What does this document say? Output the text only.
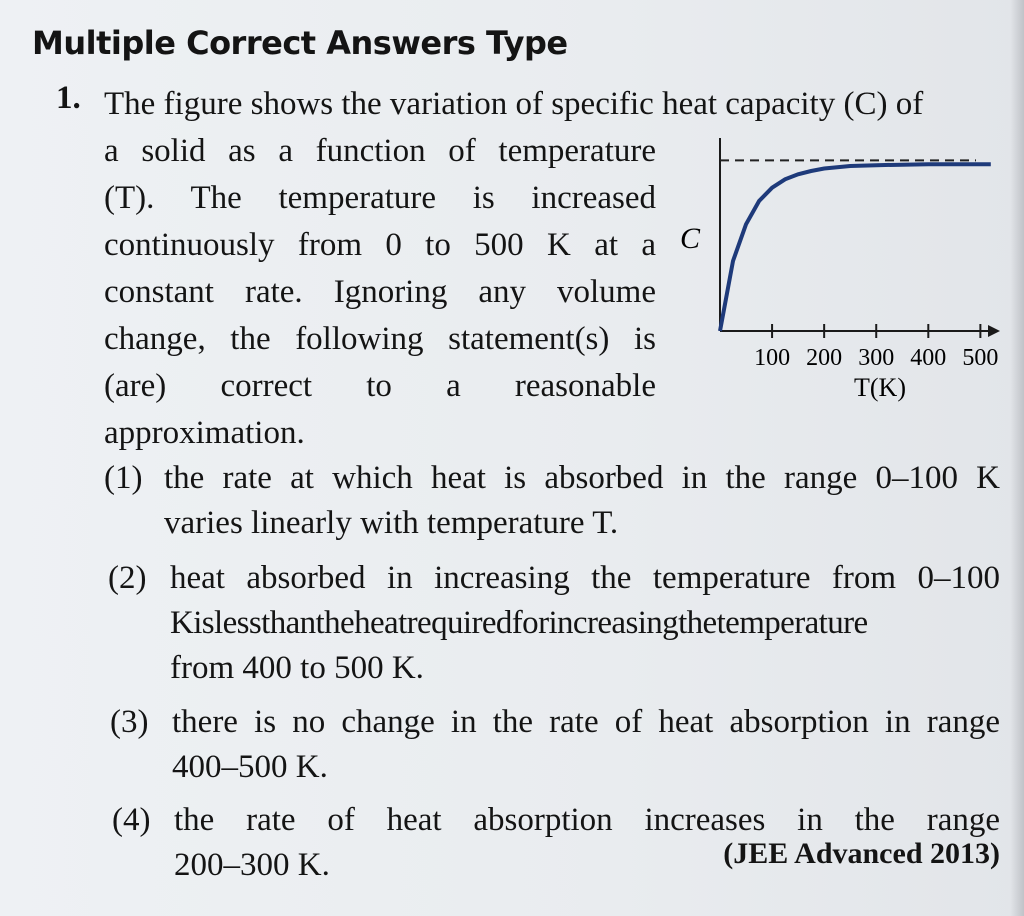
Multiple Correct Answers Type
1. The figure shows the variation of specific heat capacity (C) of
a solid as a function of temperature
(T). The temperature is increased
continuously from 0 to 500 K at a
constant rate. Ignoring any volume
change, the following statement(s) is
(are) correct to a reasonable
approximation.
C
100 200 300 400 500
T(K)
(1) the rate at which heat is absorbed in the range 0–100 K
varies linearly with temperature T.
(2) heat absorbed in increasing the temperature from 0–100
Kislessthantheheatrequiredforincreasingthetemperature
from 400 to 500 K.
(3) there is no change in the rate of heat absorption in range
400–500 K.
(4) the rate of heat absorption increases in the range
200–300 K.	(JEE Advanced 2013)
